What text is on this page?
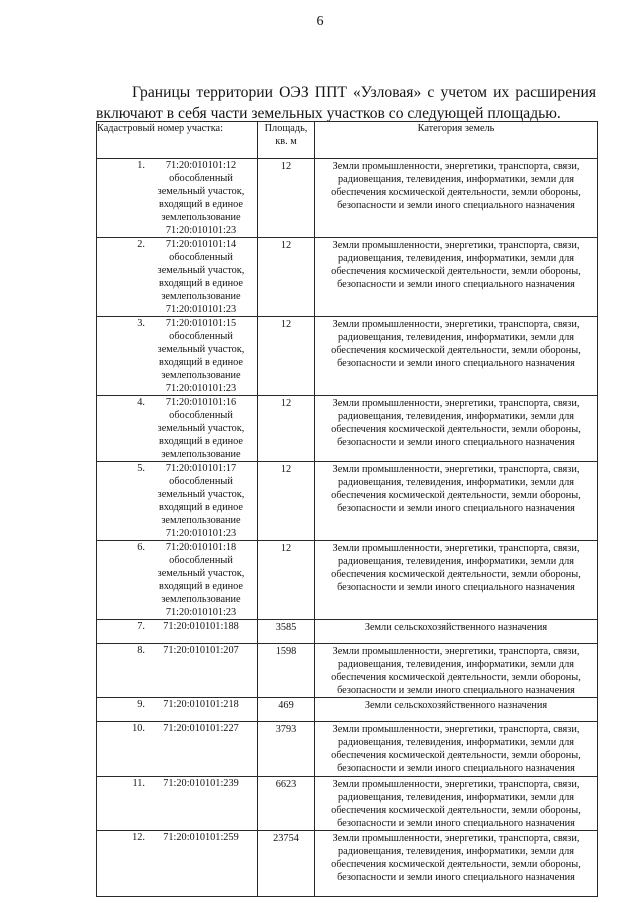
6

Границы территории ОЭЗ ППТ «Узловая» с учетом их расширения включают в себя части земельных участков со следующей площадью.

Кадастровый номер участка:	Площадь, кв. м	Категория земель

1. 71:20:010101:12 обособленный земельный участок, входящий в единое землепользование 71:20:010101:23	12	Земли промышленности, энергетики, транспорта, связи, радиовещания, телевидения, информатики, земли для обеспечения космической деятельности, земли обороны, безопасности и земли иного специального назначения

2. 71:20:010101:14 обособленный земельный участок, входящий в единое землепользование 71:20:010101:23	12	Земли промышленности, энергетики, транспорта, связи, радиовещания, телевидения, информатики, земли для обеспечения космической деятельности, земли обороны, безопасности и земли иного специального назначения

3. 71:20:010101:15 обособленный земельный участок, входящий в единое землепользование 71:20:010101:23	12	Земли промышленности, энергетики, транспорта, связи, радиовещания, телевидения, информатики, земли для обеспечения космической деятельности, земли обороны, безопасности и земли иного специального назначения

4. 71:20:010101:16 обособленный земельный участок, входящий в единое землепользование	12	Земли промышленности, энергетики, транспорта, связи, радиовещания, телевидения, информатики, земли для обеспечения космической деятельности, земли обороны, безопасности и земли иного специального назначения

5. 71:20:010101:17 обособленный земельный участок, входящий в единое землепользование 71:20:010101:23	12	Земли промышленности, энергетики, транспорта, связи, радиовещания, телевидения, информатики, земли для обеспечения космической деятельности, земли обороны, безопасности и земли иного специального назначения

6. 71:20:010101:18 обособленный земельный участок, входящий в единое землепользование 71:20:010101:23	12	Земли промышленности, энергетики, транспорта, связи, радиовещания, телевидения, информатики, земли для обеспечения космической деятельности, земли обороны, безопасности и земли иного специального назначения

7. 71:20:010101:188	3585	Земли сельскохозяйственного назначения

8. 71:20:010101:207	1598	Земли промышленности, энергетики, транспорта, связи, радиовещания, телевидения, информатики, земли для обеспечения космической деятельности, земли обороны, безопасности и земли иного специального назначения

9. 71:20:010101:218	469	Земли сельскохозяйственного назначения

10. 71:20:010101:227	3793	Земли промышленности, энергетики, транспорта, связи, радиовещания, телевидения, информатики, земли для обеспечения космической деятельности, земли обороны, безопасности и земли иного специального назначения

11. 71:20:010101:239	6623	Земли промышленности, энергетики, транспорта, связи, радиовещания, телевидения, информатики, земли для обеспечения космической деятельности, земли обороны, безопасности и земли иного специального назначения

12. 71:20:010101:259	23754	Земли промышленности, энергетики, транспорта, связи, радиовещания, телевидения, информатики, земли для обеспечения космической деятельности, земли обороны, безопасности и земли иного специального назначения
